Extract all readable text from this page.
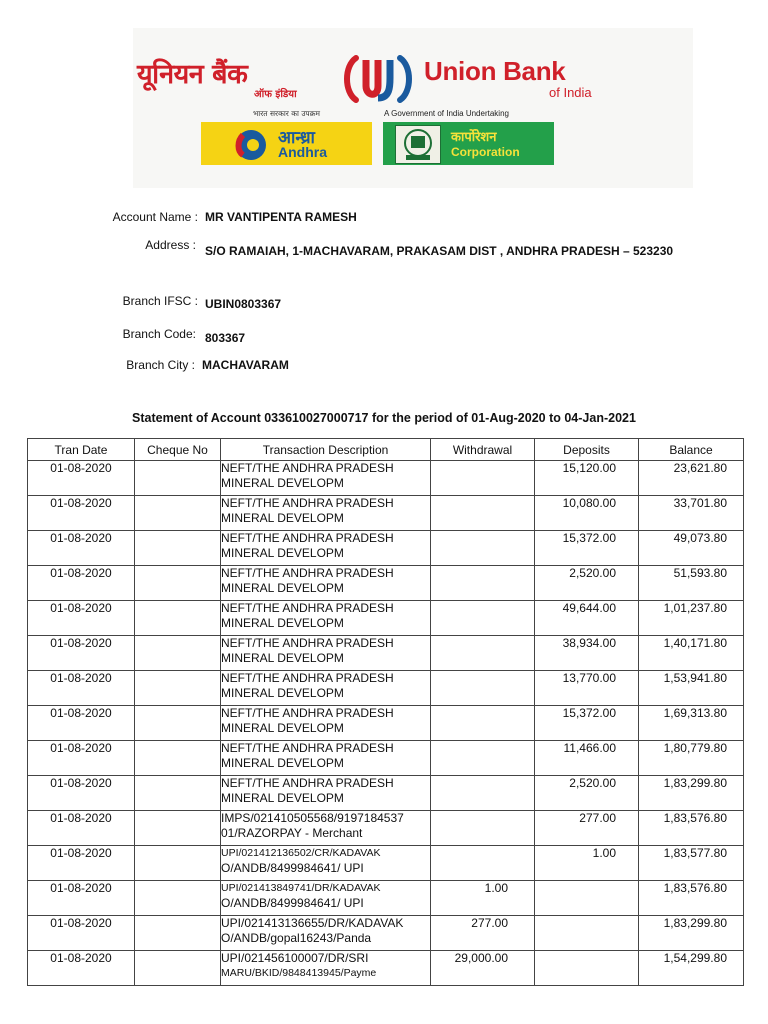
यूनियन बैंक
ऑफ इंडिया
Union Bank
of India
भारत सरकार का उपक्रम	A Government of India Undertaking
आन्ध्रा
Andhra
कार्पोरेशन
Corporation
Account Name : MR VANTIPENTA RAMESH
Address : S/O RAMAIAH, 1-MACHAVARAM, PRAKASAM DIST , ANDHRA PRADESH – 523230
Branch IFSC : UBIN0803367
Branch Code: 803367
Branch City : MACHAVARAM
Statement of Account 033610027000717 for the period of 01-Aug-2020 to 04-Jan-2021
Tran Date	Cheque No	Transaction Description	Withdrawal	Deposits	Balance
01-08-2020		NEFT/THE ANDHRA PRADESH
MINERAL DEVELOPM		15,120.00	23,621.80
01-08-2020		NEFT/THE ANDHRA PRADESH
MINERAL DEVELOPM		10,080.00	33,701.80
01-08-2020		NEFT/THE ANDHRA PRADESH
MINERAL DEVELOPM		15,372.00	49,073.80
01-08-2020		NEFT/THE ANDHRA PRADESH
MINERAL DEVELOPM		2,520.00	51,593.80
01-08-2020		NEFT/THE ANDHRA PRADESH
MINERAL DEVELOPM		49,644.00	1,01,237.80
01-08-2020		NEFT/THE ANDHRA PRADESH
MINERAL DEVELOPM		38,934.00	1,40,171.80
01-08-2020		NEFT/THE ANDHRA PRADESH
MINERAL DEVELOPM		13,770.00	1,53,941.80
01-08-2020		NEFT/THE ANDHRA PRADESH
MINERAL DEVELOPM		15,372.00	1,69,313.80
01-08-2020		NEFT/THE ANDHRA PRADESH
MINERAL DEVELOPM		11,466.00	1,80,779.80
01-08-2020		NEFT/THE ANDHRA PRADESH
MINERAL DEVELOPM		2,520.00	1,83,299.80
01-08-2020		IMPS/021410505568/9197184537
01/RAZORPAY - Merchant		277.00	1,83,576.80
01-08-2020		UPI/021412136502/CR/KADAVAK
O/ANDB/8499984641/ UPI		1.00	1,83,577.80
01-08-2020		UPI/021413849741/DR/KADAVAK
O/ANDB/8499984641/ UPI	1.00		1,83,576.80
01-08-2020		UPI/021413136655/DR/KADAVAK
O/ANDB/gopal16243/Panda	277.00		1,83,299.80
01-08-2020		UPI/021456100007/DR/SRI
MARU/BKID/9848413945/Payme	29,000.00		1,54,299.80
